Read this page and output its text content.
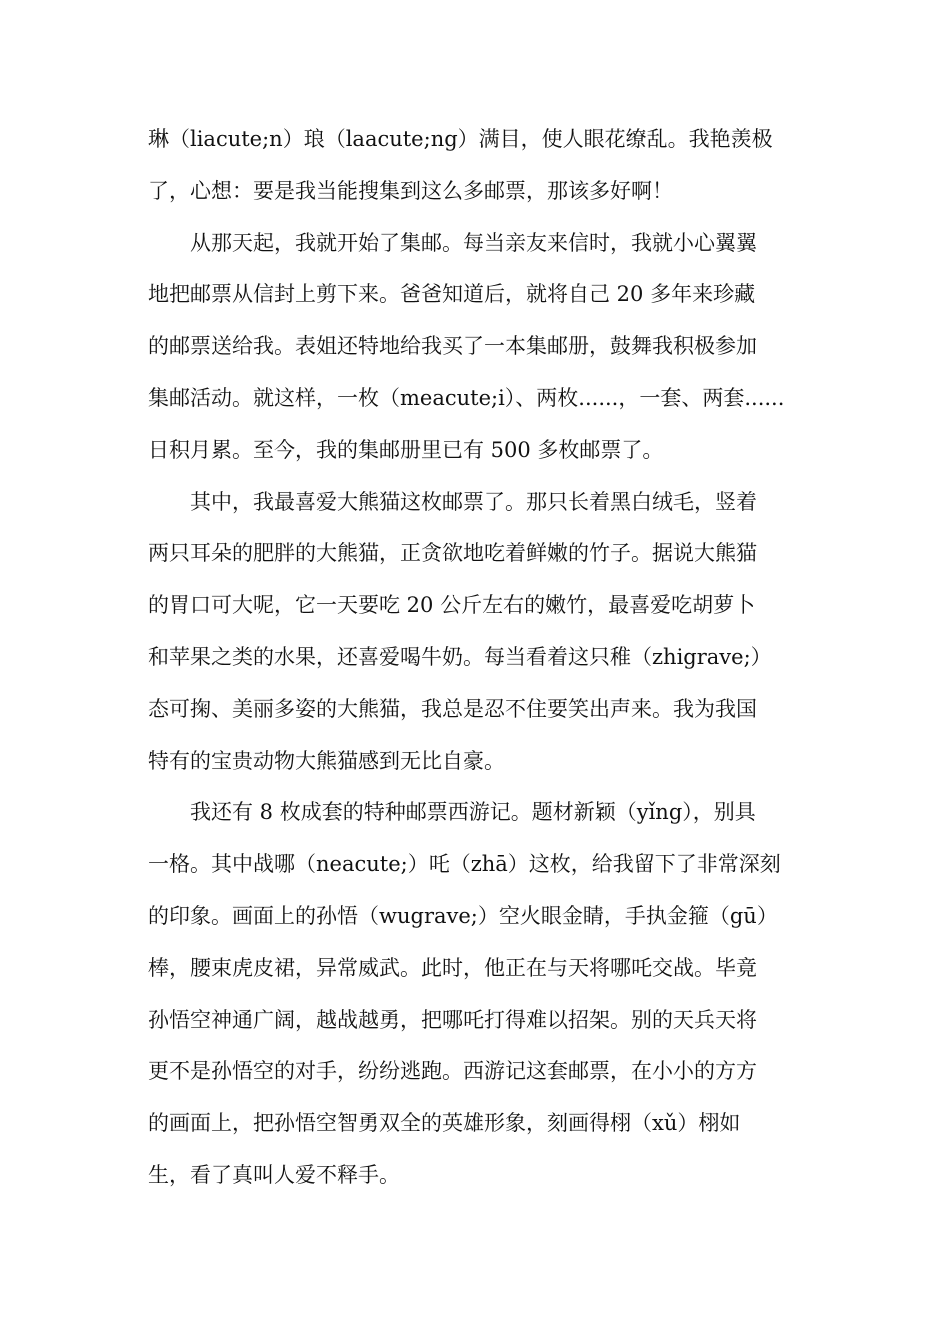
琳（liacute;n）琅（laacute;ng）满目，使人眼花缭乱。我艳羡极
了，心想：要是我当能搜集到这么多邮票，那该多好啊！
从那天起，我就开始了集邮。每当亲友来信时，我就小心翼翼
地把邮票从信封上剪下来。爸爸知道后，就将自己 20 多年来珍藏
的邮票送给我。表姐还特地给我买了一本集邮册，鼓舞我积极参加
集邮活动。就这样，一枚（meacute;i）、两枚......，一套、两套......
日积月累。至今，我的集邮册里已有 500 多枚邮票了。
其中，我最喜爱大熊猫这枚邮票了。那只长着黑白绒毛，竖着
两只耳朵的肥胖的大熊猫，正贪欲地吃着鲜嫩的竹子。据说大熊猫
的胃口可大呢，它一天要吃 20 公斤左右的嫩竹，最喜爱吃胡萝卜
和苹果之类的水果，还喜爱喝牛奶。每当看着这只稚（zhigrave;）
态可掬、美丽多姿的大熊猫，我总是忍不住要笑出声来。我为我国
特有的宝贵动物大熊猫感到无比自豪。
我还有 8 枚成套的特种邮票西游记。题材新颖（yǐng），别具
一格。其中战哪（neacute;）吒（zhā）这枚，给我留下了非常深刻
的印象。画面上的孙悟（wugrave;）空火眼金睛，手执金箍（gū）
棒，腰束虎皮裙，异常威武。此时，他正在与天将哪吒交战。毕竟
孙悟空神通广阔，越战越勇，把哪吒打得难以招架。别的天兵天将
更不是孙悟空的对手，纷纷逃跑。西游记这套邮票，在小小的方方
的画面上，把孙悟空智勇双全的英雄形象，刻画得栩（xǔ）栩如
生，看了真叫人爱不释手。
